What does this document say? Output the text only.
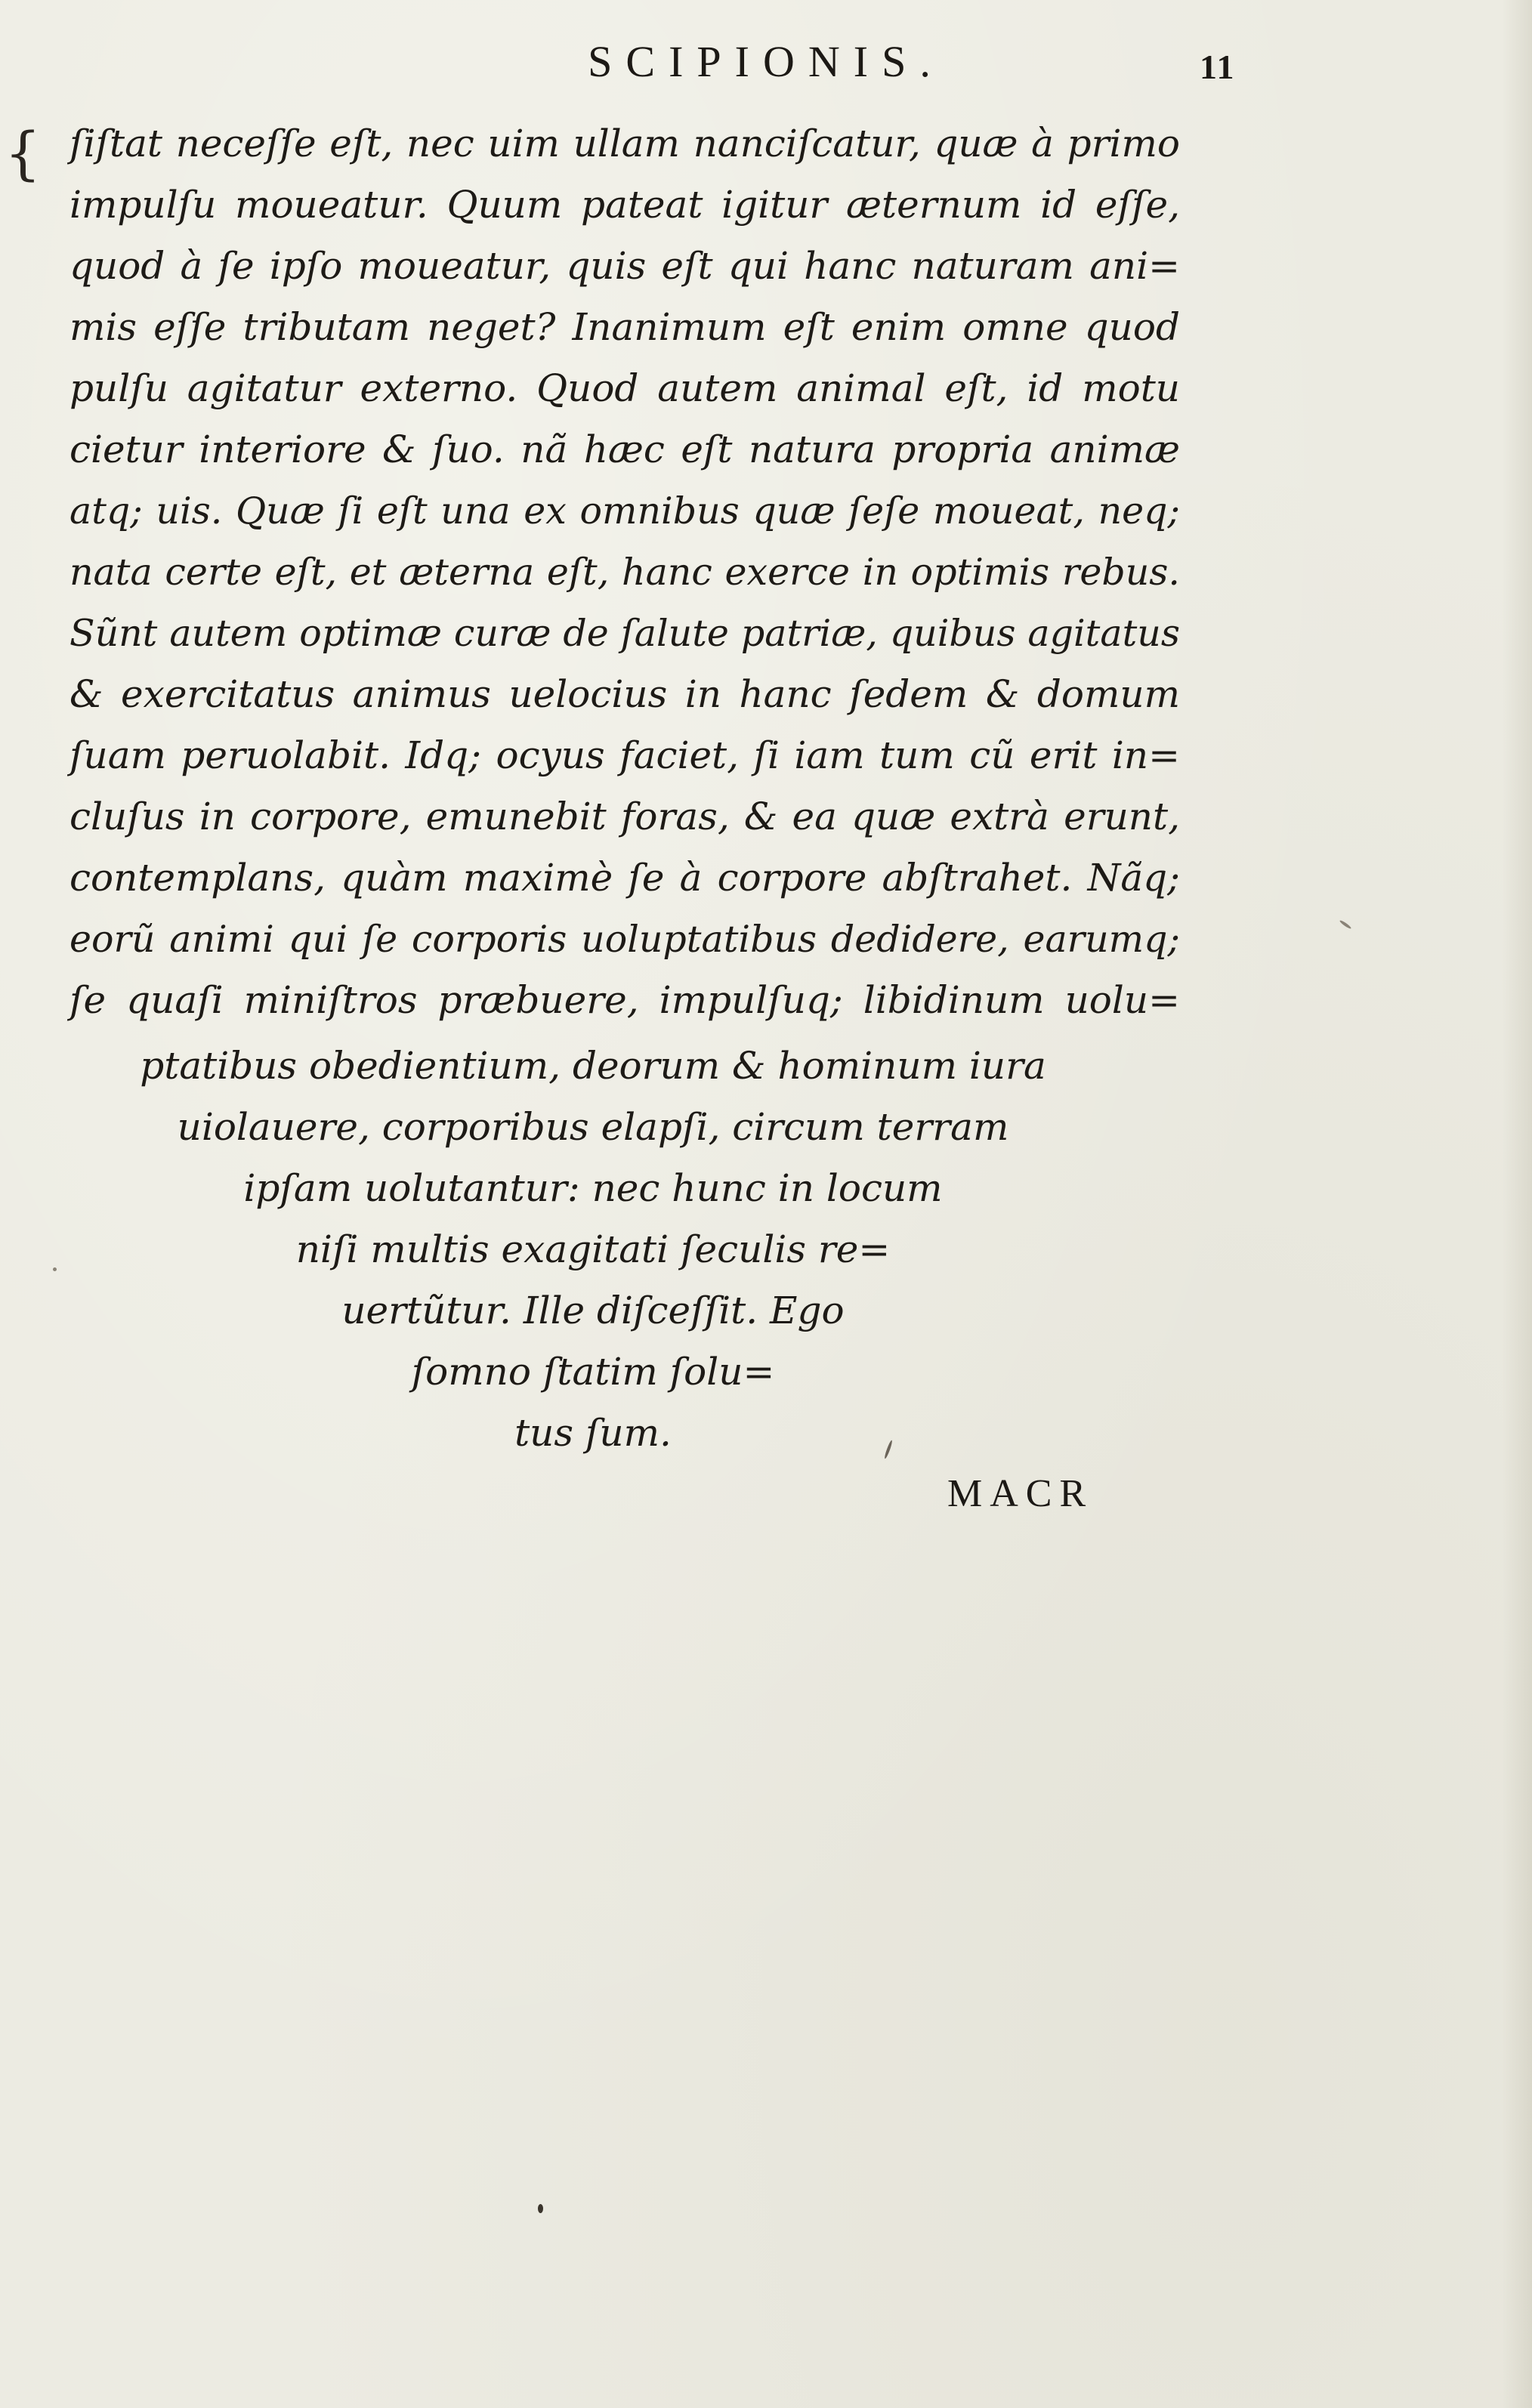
SCIPIONIS.	11
{ ſiſtat neceſſe eſt, nec uim ullam nanciſcatur, quæ à primo
impulſu moueatur. Quum pateat igitur æternum id eſſe,
quod à ſe ipſo moueatur, quis eſt qui hanc naturam ani=
mis eſſe tributam neget? Inanimum eſt enim omne quod
pulſu agitatur externo. Quod autem animal eſt, id motu
cietur interiore & ſuo. nã hæc eſt natura propria animæ
atq; uis. Quæ ſi eſt una ex omnibus quæ ſeſe moueat, neq;
nata certe eſt, et æterna eſt, hanc exerce in optimis rebus.
Sũnt autem optimæ curæ de ſalute patriæ, quibus agitatus
& exercitatus animus uelocius in hanc ſedem & domum
ſuam peruolabit. Idq; ocyus faciet, ſi iam tum cũ erit in=
cluſus in corpore, emunebit foras, & ea quæ extrà erunt,
contemplans, quàm maximè ſe à corpore abſtrahet. Nãq;
eorũ animi qui ſe corporis uoluptatibus dedidere, earumq;
ſe quaſi miniſtros præbuere, impulſuq; libidinum uolu=
ptatibus obedientium, deorum & hominum iura
uiolauere, corporibus elapſi, circum terram
ipſam uolutantur: nec hunc in locum
niſi multis exagitati ſeculis re=
uertũtur. Ille diſceſſit. Ego
ſomno ſtatim ſolu=
tus ſum.
MACR
